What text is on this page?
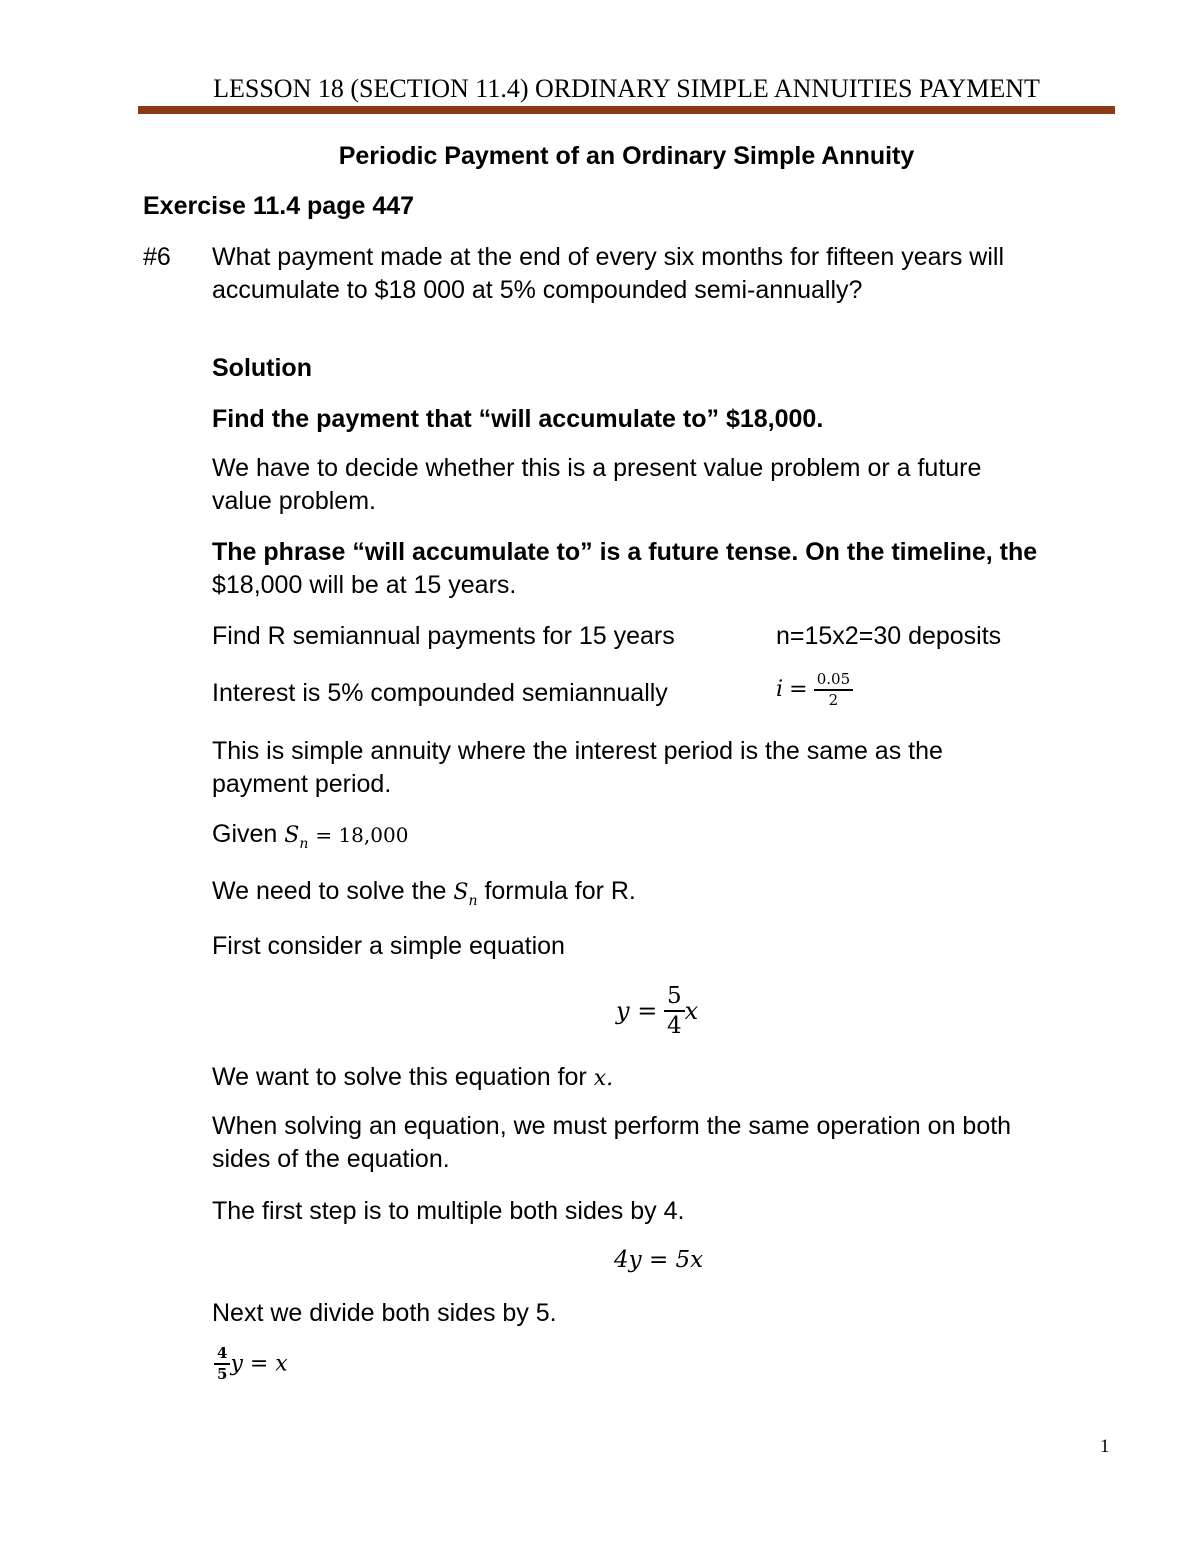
LESSON 18 (SECTION 11.4) ORDINARY SIMPLE ANNUITIES PAYMENT
Periodic Payment of an Ordinary Simple Annuity
Exercise 11.4 page 447
#6 What payment made at the end of every six months for fifteen years will
accumulate to $18 000 at 5% compounded semi-annually?
Solution
Find the payment that “will accumulate to” $18,000.
We have to decide whether this is a present value problem or a future
value problem.
The phrase “will accumulate to” is a future tense. On the timeline, the
$18,000 will be at 15 years.
Find R semiannual payments for 15 years	n=15x2=30 deposits
Interest is 5% compounded semiannually	$i = \frac{0.05}{2}$
This is simple annuity where the interest period is the same as the
payment period.
Given $S_n = 18,000$
We need to solve the $S_n$ formula for R.
First consider a simple equation
$y = \frac{5}{4}$ x
We want to solve this equation for x.
When solving an equation, we must perform the same operation on both
sides of the equation.
The first step is to multiple both sides by 4.
4y = 5x
Next we divide both sides by 5.
$\frac{4}{5}$ y = x
1
